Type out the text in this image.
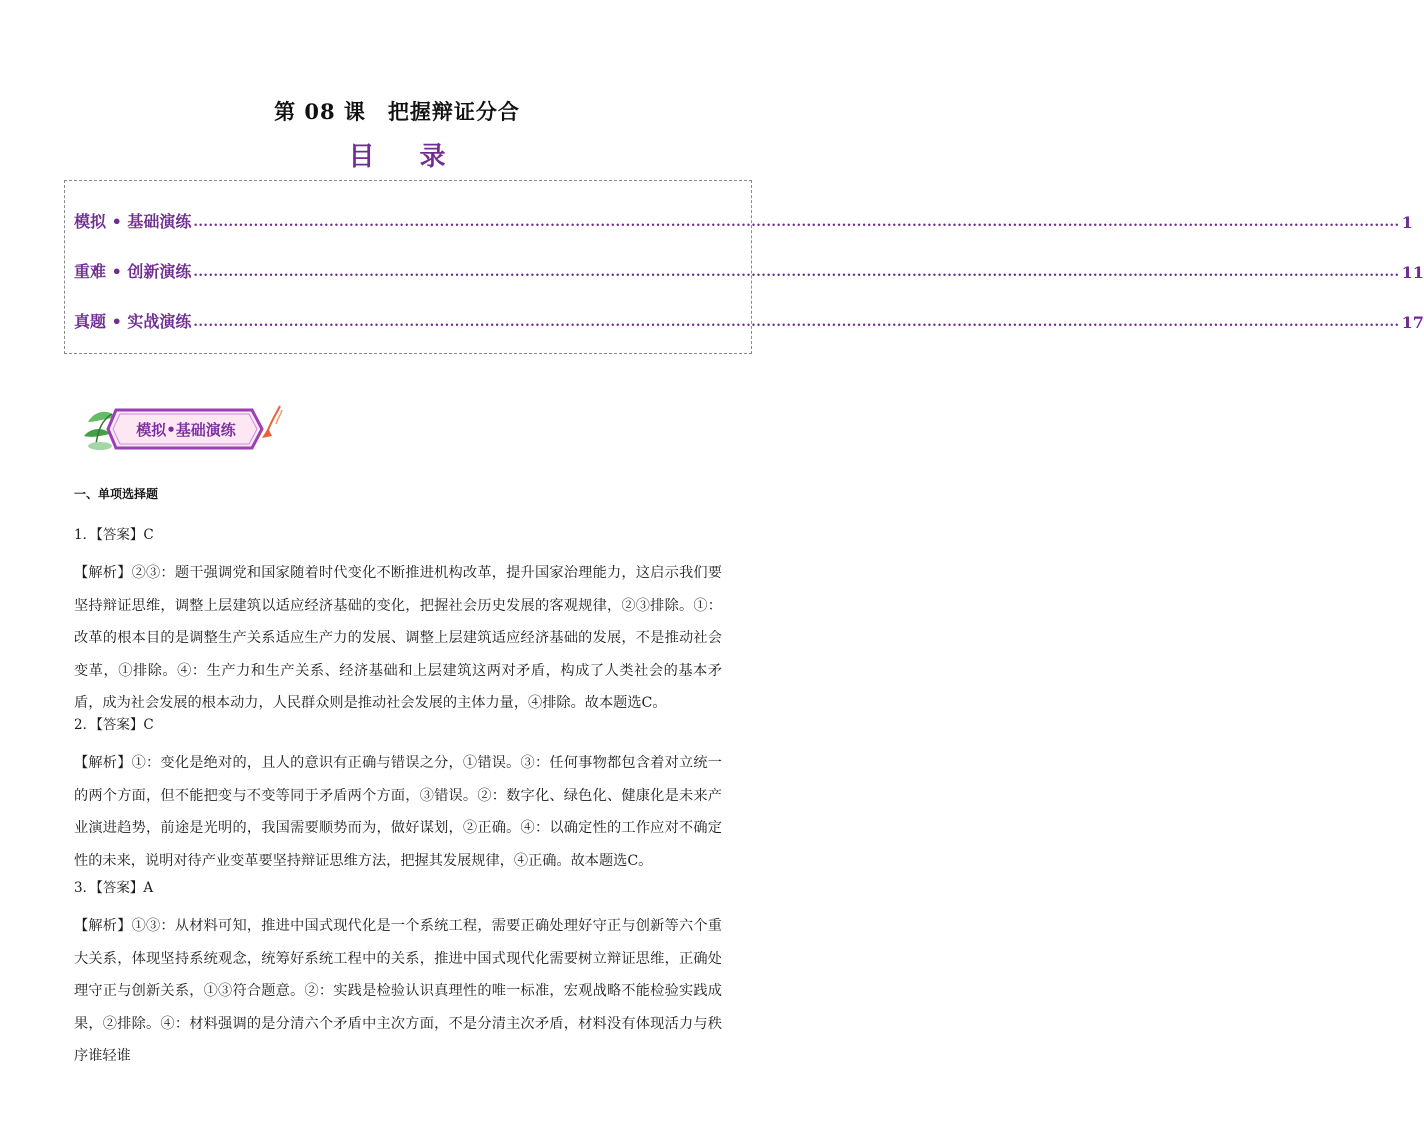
第 08 课　把握辩证分合
目 录
模拟 • 基础演练 .....	1
重难 • 创新演练 .....	11
真题 • 实战演练 .....	17
模拟•基础演练
一、单项选择题
1．【答案】C

【解析】②③：题干强调党和国家随着时代变化不断推进机构改革，提升国家治理能力，这启示我们要坚持辩证思维，调整上层建筑以适应经济基础的变化，把握社会历史发展的客观规律，②③排除。①：改革的根本目的是调整生产关系适应生产力的发展、调整上层建筑适应经济基础的发展，不是推动社会变革，①排除。④：生产力和生产关系、经济基础和上层建筑这两对矛盾，构成了人类社会的基本矛盾，成为社会发展的根本动力，人民群众则是推动社会发展的主体力量，④排除。故本题选C。

2．【答案】C

【解析】①：变化是绝对的，且人的意识有正确与错误之分，①错误。③：任何事物都包含着对立统一的两个方面，但不能把变与不变等同于矛盾两个方面，③错误。②：数字化、绿色化、健康化是未来产业演进趋势，前途是光明的，我国需要顺势而为，做好谋划，②正确。④：以确定性的工作应对不确定性的未来，说明对待产业变革要坚持辩证思维方法，把握其发展规律，④正确。故本题选C。

3．【答案】A

【解析】①③：从材料可知，推进中国式现代化是一个系统工程，需要正确处理好守正与创新等六个重大关系，体现坚持系统观念，统筹好系统工程中的关系，推进中国式现代化需要树立辩证思维，正确处理守正与创新关系，①③符合题意。②：实践是检验认识真理性的唯一标准，宏观战略不能检验实践成果，②排除。④：材料强调的是分清六个矛盾中主次方面，不是分清主次矛盾，材料没有体现活力与秩序谁轻谁
